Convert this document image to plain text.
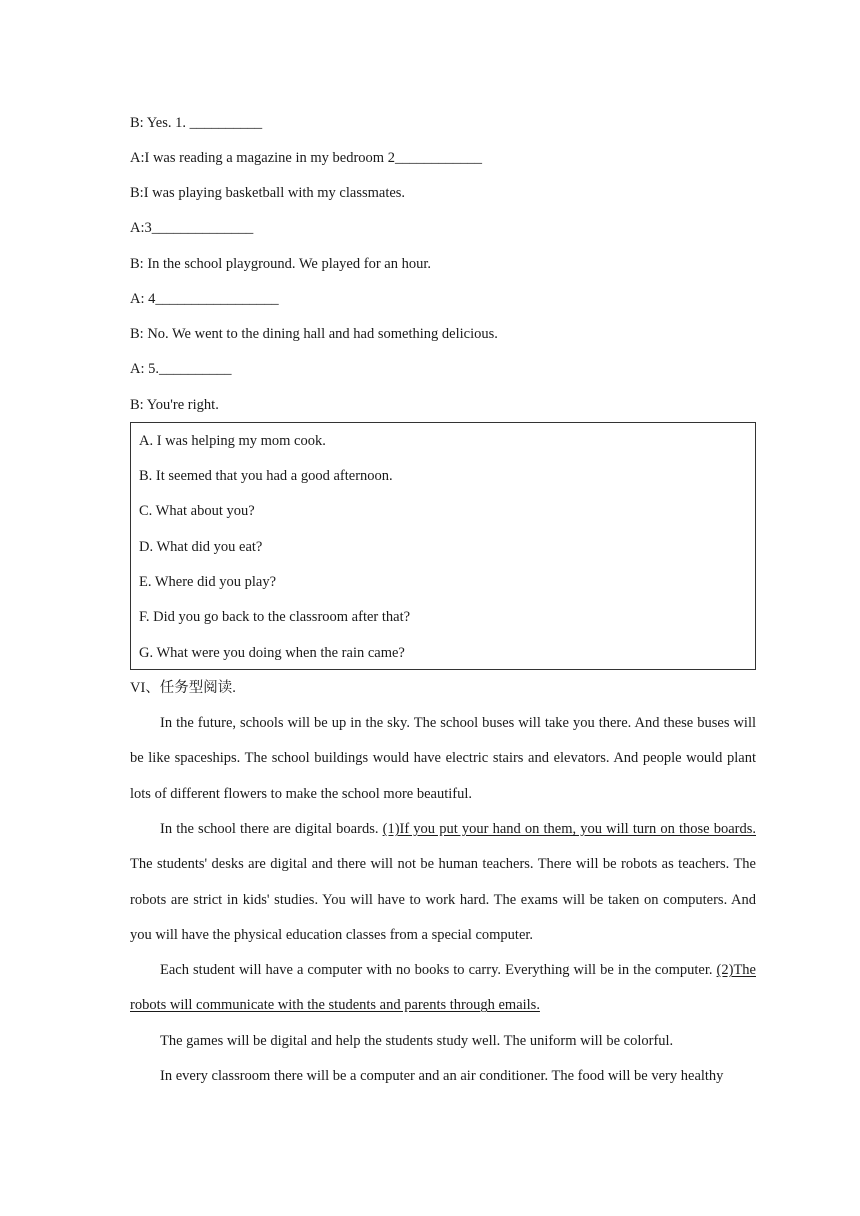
B: Yes. 1. __________
A:I was reading a magazine in my bedroom 2____________
B:I was playing basketball with my classmates.
A:3______________
B: In the school playground. We played for an hour.
A: 4_________________
B: No. We went to the dining hall and had something delicious.
A: 5.__________
B: You're right.
A. I was helping my mom cook.
B. It seemed that you had a good afternoon.
C. What about you?
D. What did you eat?
E. Where did you play?
F. Did you go back to the classroom after that?
G. What were you doing when the rain came?
VI、任务型阅读.
In the future, schools will be up in the sky. The school buses will take you there. And these buses will be like spaceships. The school buildings would have electric stairs and elevators. And people would plant lots of different flowers to make the school more beautiful.
In the school there are digital boards. (1)If you put your hand on them, you will turn on those boards. The students' desks are digital and there will not be human teachers. There will be robots as teachers. The robots are strict in kids' studies. You will have to work hard. The exams will be taken on computers. And you will have the physical education classes from a special computer.
Each student will have a computer with no books to carry. Everything will be in the computer. (2)The robots will communicate with the students and parents through emails.
The games will be digital and help the students study well. The uniform will be colorful.
In every classroom there will be a computer and an air conditioner. The food will be very healthy
